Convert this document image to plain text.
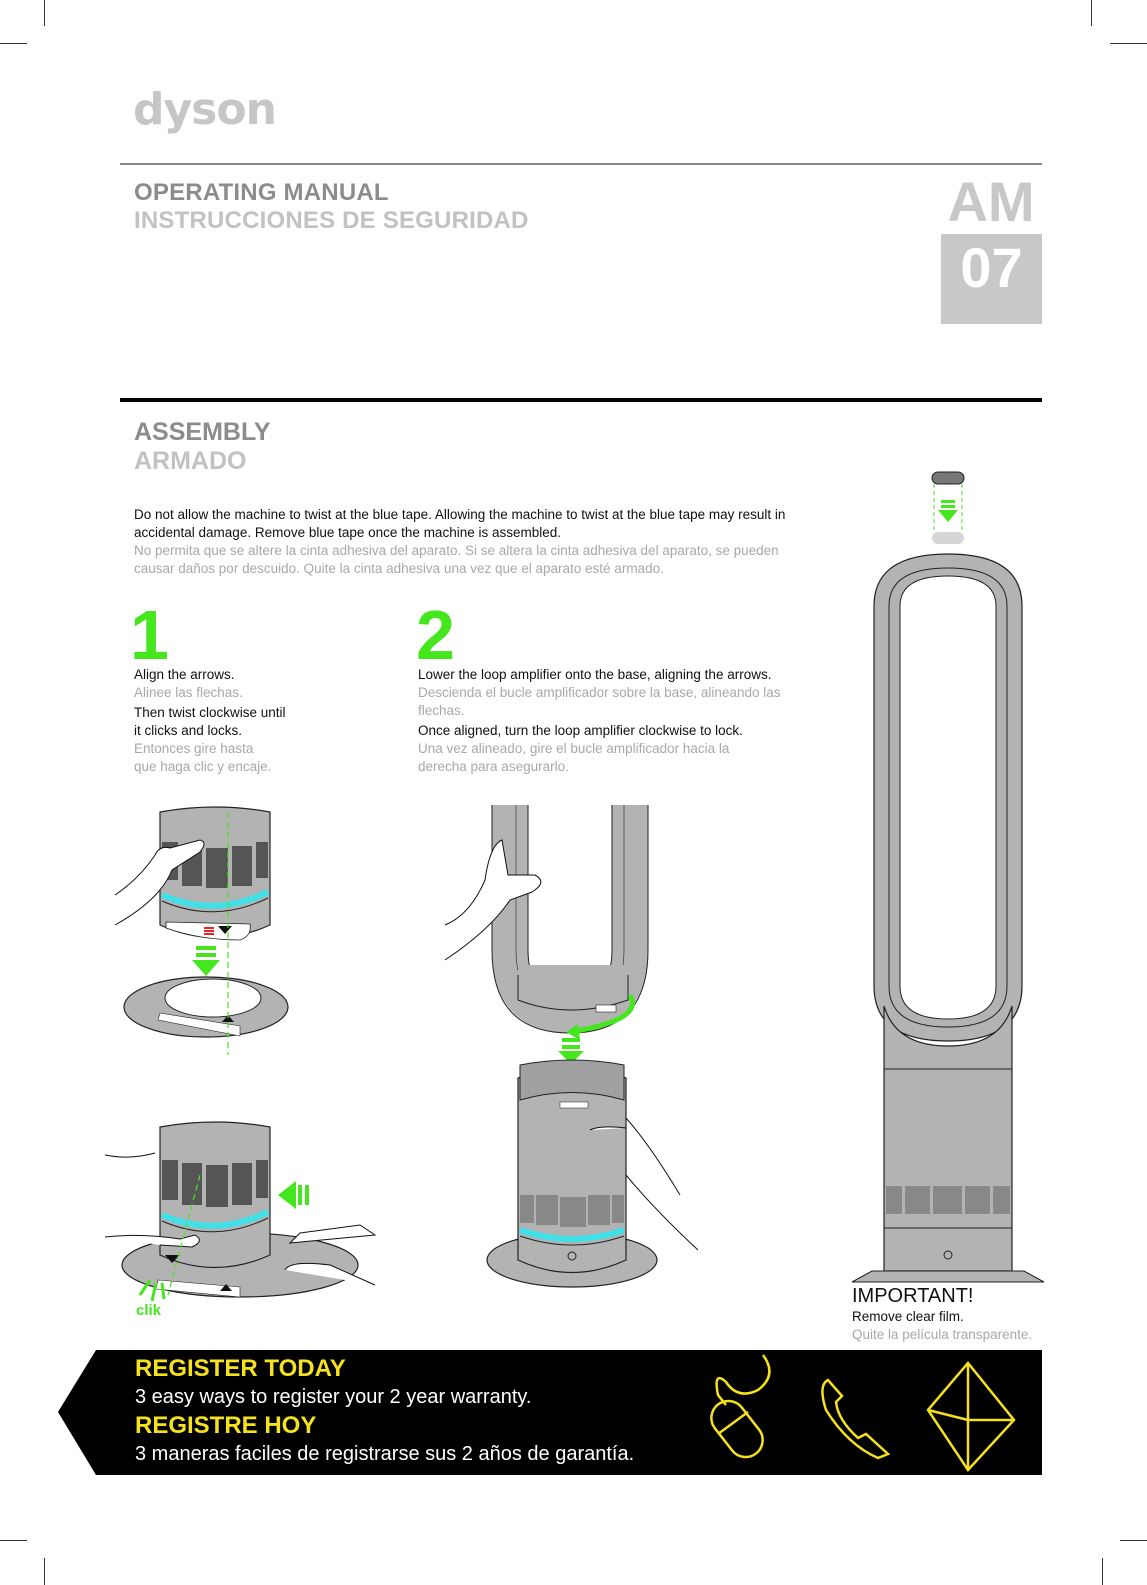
dyson
OPERATING MANUAL
INSTRUCCIONES DE SEGURIDAD	AM
07
ASSEMBLY
ARMADO
Do not allow the machine to twist at the blue tape. Allowing the machine to twist at the blue tape may result in accidental damage. Remove blue tape once the machine is assembled.
No permita que se altere la cinta adhesiva del aparato. Si se altera la cinta adhesiva del aparato, se pueden causar daños por descuido. Quite la cinta adhesiva una vez que el aparato esté armado.
1

Align the arrows.

Alinee las flechas.

Then twist clockwise until it clicks and locks.

Entonces gire hasta que haga clic y encaje.

2

Lower the loop amplifier onto the base, aligning the arrows.

Descienda el bucle amplificador sobre la base, alineando las flechas.

Once aligned, turn the loop amplifier clockwise to lock.

Una vez alineado, gire el bucle amplificador hacia la derecha para asegurarlo.

clik
IMPORTANT!
Remove clear film.
Quite la película transparente.
REGISTER TODAY
3 easy ways to register your 2 year warranty.
REGISTRE HOY
3 maneras faciles de registrarse sus 2 años de garantía.
